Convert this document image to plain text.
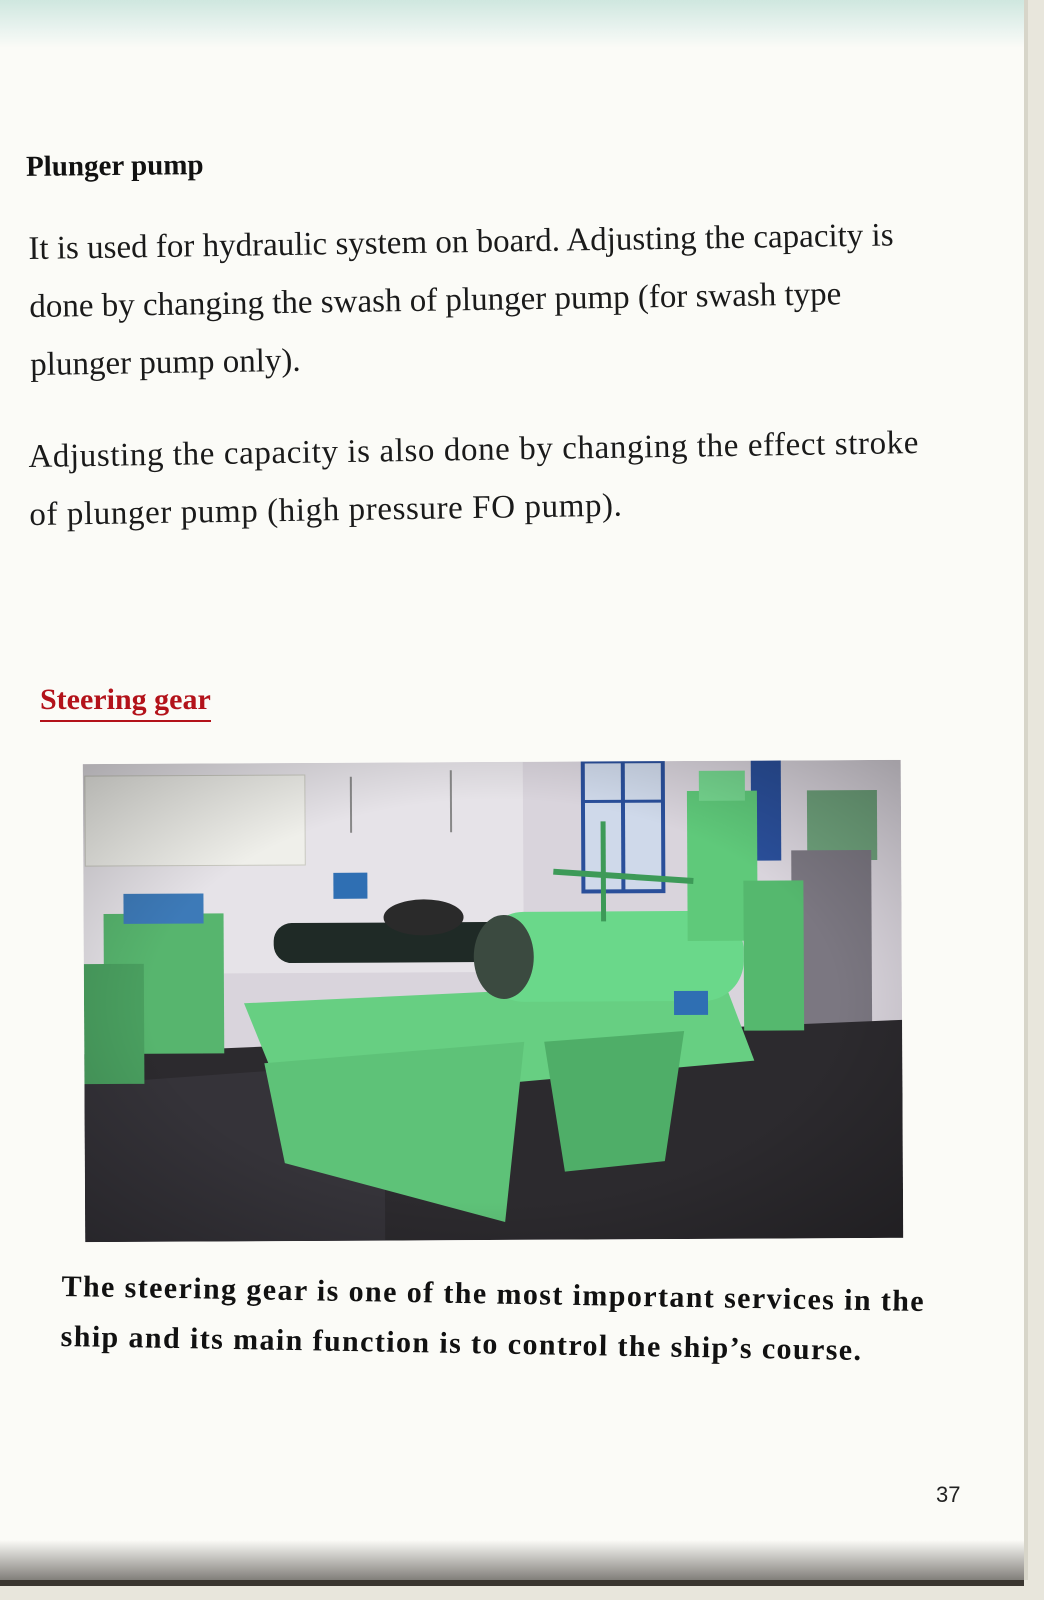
Plunger pump
It is used for hydraulic system on board. Adjusting the capacity is done by changing the swash of plunger pump (for swash type plunger pump only).
Adjusting the capacity is also done by changing the effect stroke of plunger pump (high pressure FO pump).
Steering gear
The steering gear is one of the most important services in the ship and its main function is to control the ship’s course.
37
